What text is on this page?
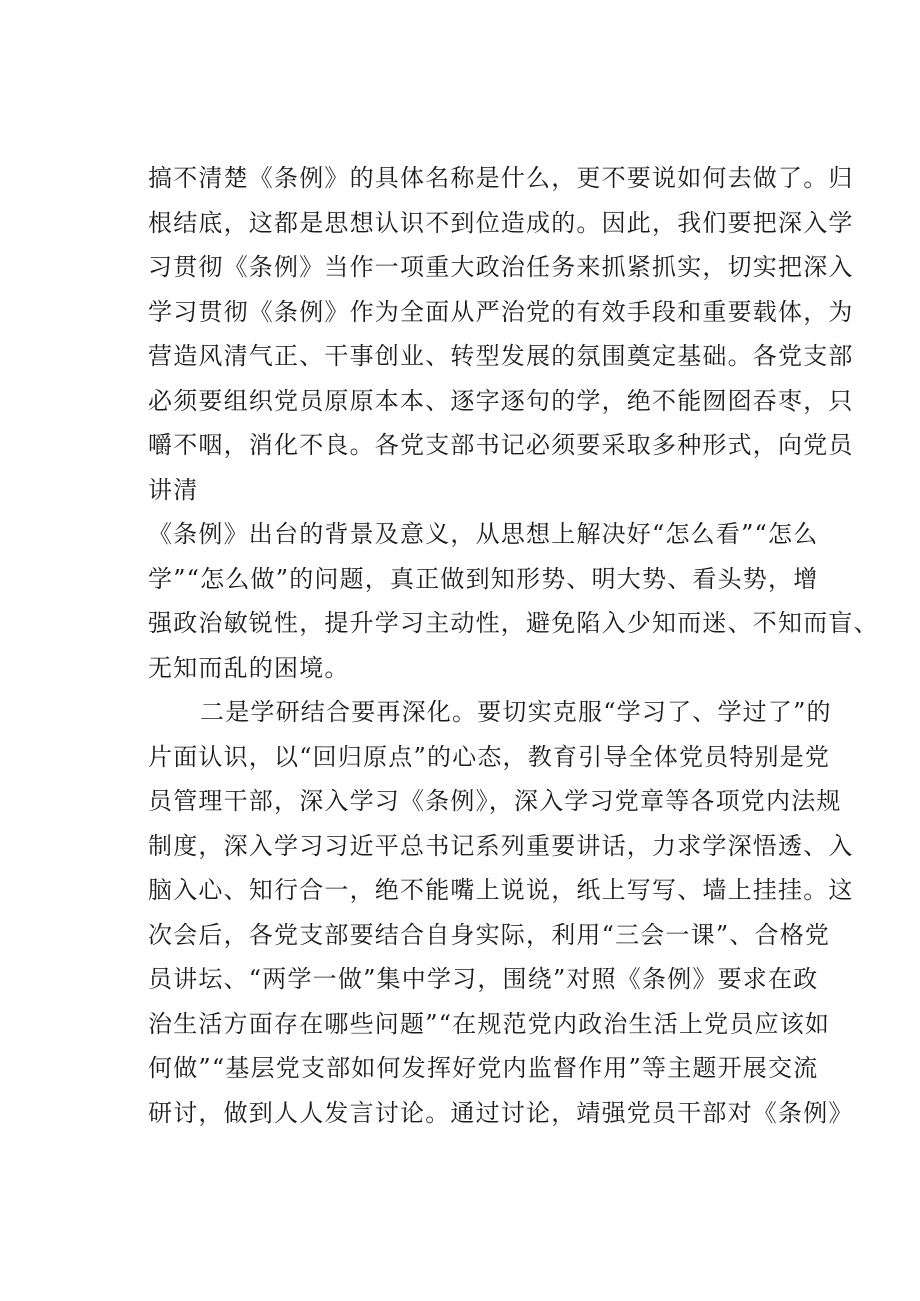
搞不清楚《条例》的具体名称是什么，更不要说如何去做了。归
根结底，这都是思想认识不到位造成的。因此，我们要把深入学
习贯彻《条例》当作一项重大政治任务来抓紧抓实，切实把深入
学习贯彻《条例》作为全面从严治党的有效手段和重要载体，为
营造风清气正、干事创业、转型发展的氛围奠定基础。各党支部
必须要组织党员原原本本、逐字逐句的学，绝不能囫囵吞枣，只
嚼不咽，消化不良。各党支部书记必须要采取多种形式，向党员
讲清
《条例》出台的背景及意义，从思想上解决好“怎么看”“怎么
学”“怎么做”的问题，真正做到知形势、明大势、看头势，增
强政治敏锐性，提升学习主动性，避免陷入少知而迷、不知而盲、
无知而乱的困境。
二是学研结合要再深化。要切实克服“学习了、学过了”的
片面认识，以“回归原点”的心态，教育引导全体党员特别是党
员管理干部，深入学习《条例》，深入学习党章等各项党内法规
制度，深入学习习近平总书记系列重要讲话，力求学深悟透、入
脑入心、知行合一，绝不能嘴上说说，纸上写写、墙上挂挂。这
次会后，各党支部要结合自身实际，利用“三会一课”、合格党
员讲坛、“两学一做”集中学习，围绕”对照《条例》要求在政
治生活方面存在哪些问题”“在规范党内政治生活上党员应该如
何做”“基层党支部如何发挥好党内监督作用”等主题开展交流
研讨，做到人人发言讨论。通过讨论，靖强党员干部对《条例》
